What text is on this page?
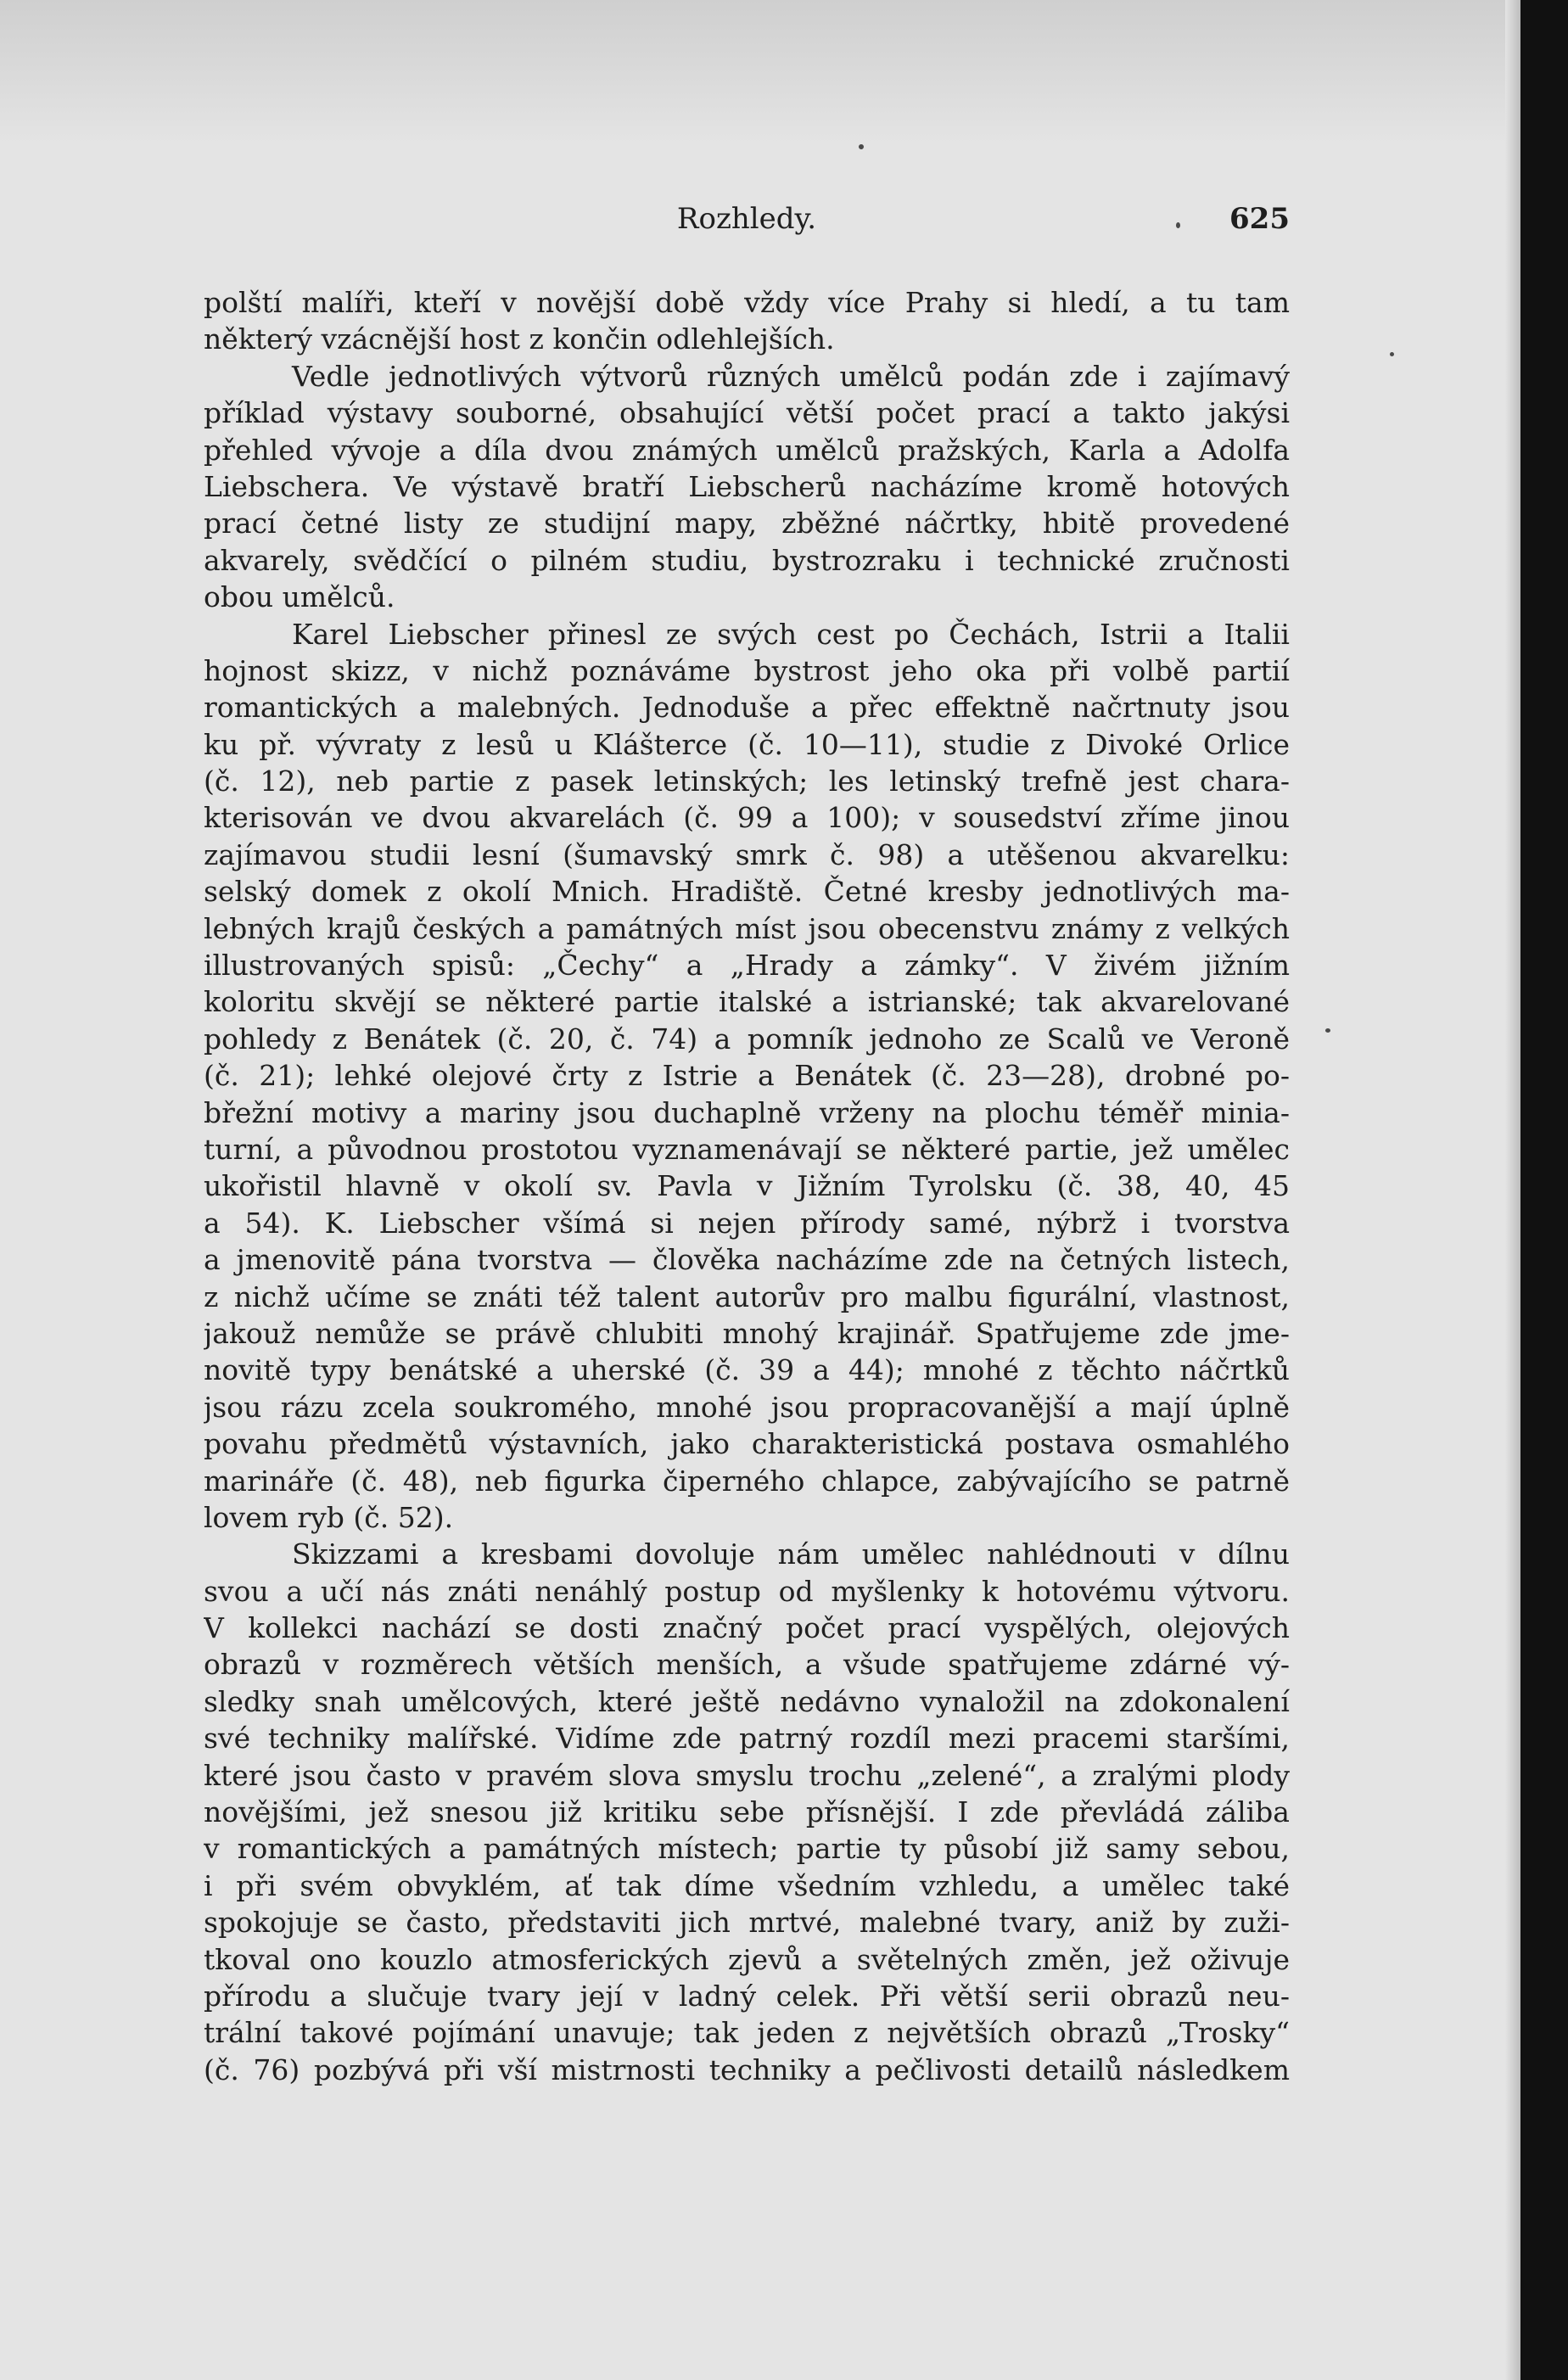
Rozhledy.	625
polští malíři, kteří v novější době vždy více Prahy si hledí, a tu tam
některý vzácnější host z končin odlehlejších.
Vedle jednotlivých výtvorů různých umělců podán zde i zajímavý
příklad výstavy souborné, obsahující větší počet prací a takto jakýsi
přehled vývoje a díla dvou známých umělců pražských, Karla a Adolfa
Liebschera. Ve výstavě bratří Liebscherů nacházíme kromě hotových
prací četné listy ze studijní mapy, zběžné náčrtky, hbitě provedené
akvarely, svědčící o pilném studiu, bystrozraku i technické zručnosti
obou umělců.
Karel Liebscher přinesl ze svých cest po Čechách, Istrii a Italii
hojnost skizz, v nichž poznáváme bystrost jeho oka při volbě partií
romantických a malebných. Jednoduše a přec effektně načrtnuty jsou
ku př. vývraty z lesů u Klášterce (č. 10—11), studie z Divoké Orlice
(č. 12), neb partie z pasek letinských; les letinský trefně jest chara-
kterisován ve dvou akvarelách (č. 99 a 100); v sousedství zříme jinou
zajímavou studii lesní (šumavský smrk č. 98) a utěšenou akvarelku:
selský domek z okolí Mnich. Hradiště. Četné kresby jednotlivých ma-
lebných krajů českých a památných míst jsou obecenstvu známy z velkých
illustrovaných spisů: „Čechy“ a „Hrady a zámky“. V živém jižním
koloritu skvějí se některé partie italské a istrianské; tak akvarelované
pohledy z Benátek (č. 20, č. 74) a pomník jednoho ze Scalů ve Veroně
(č. 21); lehké olejové črty z Istrie a Benátek (č. 23—28), drobné po-
břežní motivy a mariny jsou duchaplně vrženy na plochu téměř minia-
turní, a původnou prostotou vyznamenávají se některé partie, jež umělec
ukořistil hlavně v okolí sv. Pavla v Jižním Tyrolsku (č. 38, 40, 45
a 54). K. Liebscher všímá si nejen přírody samé, nýbrž i tvorstva
a jmenovitě pána tvorstva — člověka nacházíme zde na četných listech,
z nichž učíme se znáti též talent autorův pro malbu figurální, vlastnost,
jakouž nemůže se právě chlubiti mnohý krajinář. Spatřujeme zde jme-
novitě typy benátské a uherské (č. 39 a 44); mnohé z těchto náčrtků
jsou rázu zcela soukromého, mnohé jsou propracovanější a mají úplně
povahu předmětů výstavních, jako charakteristická postava osmahlého
marináře (č. 48), neb figurka čiperného chlapce, zabývajícího se patrně
lovem ryb (č. 52).
Skizzami a kresbami dovoluje nám umělec nahlédnouti v dílnu
svou a učí nás znáti nenáhlý postup od myšlenky k hotovému výtvoru.
V kollekci nachází se dosti značný počet prací vyspělých, olejových
obrazů v rozměrech větších menších, a všude spatřujeme zdárné vý-
sledky snah umělcových, které ještě nedávno vynaložil na zdokonalení
své techniky malířské. Vidíme zde patrný rozdíl mezi pracemi staršími,
které jsou často v pravém slova smyslu trochu „zelené“, a zralými plody
novějšími, jež snesou již kritiku sebe přísnější. I zde převládá záliba
v romantických a památných místech; partie ty působí již samy sebou,
i při svém obvyklém, ať tak díme všedním vzhledu, a umělec také
spokojuje se často, představiti jich mrtvé, malebné tvary, aniž by zuži-
tkoval ono kouzlo atmosferických zjevů a světelných změn, jež oživuje
přírodu a slučuje tvary její v ladný celek. Při větší serii obrazů neu-
trální takové pojímání unavuje; tak jeden z největších obrazů „Trosky“
(č. 76) pozbývá při vší mistrnosti techniky a pečlivosti detailů následkem
